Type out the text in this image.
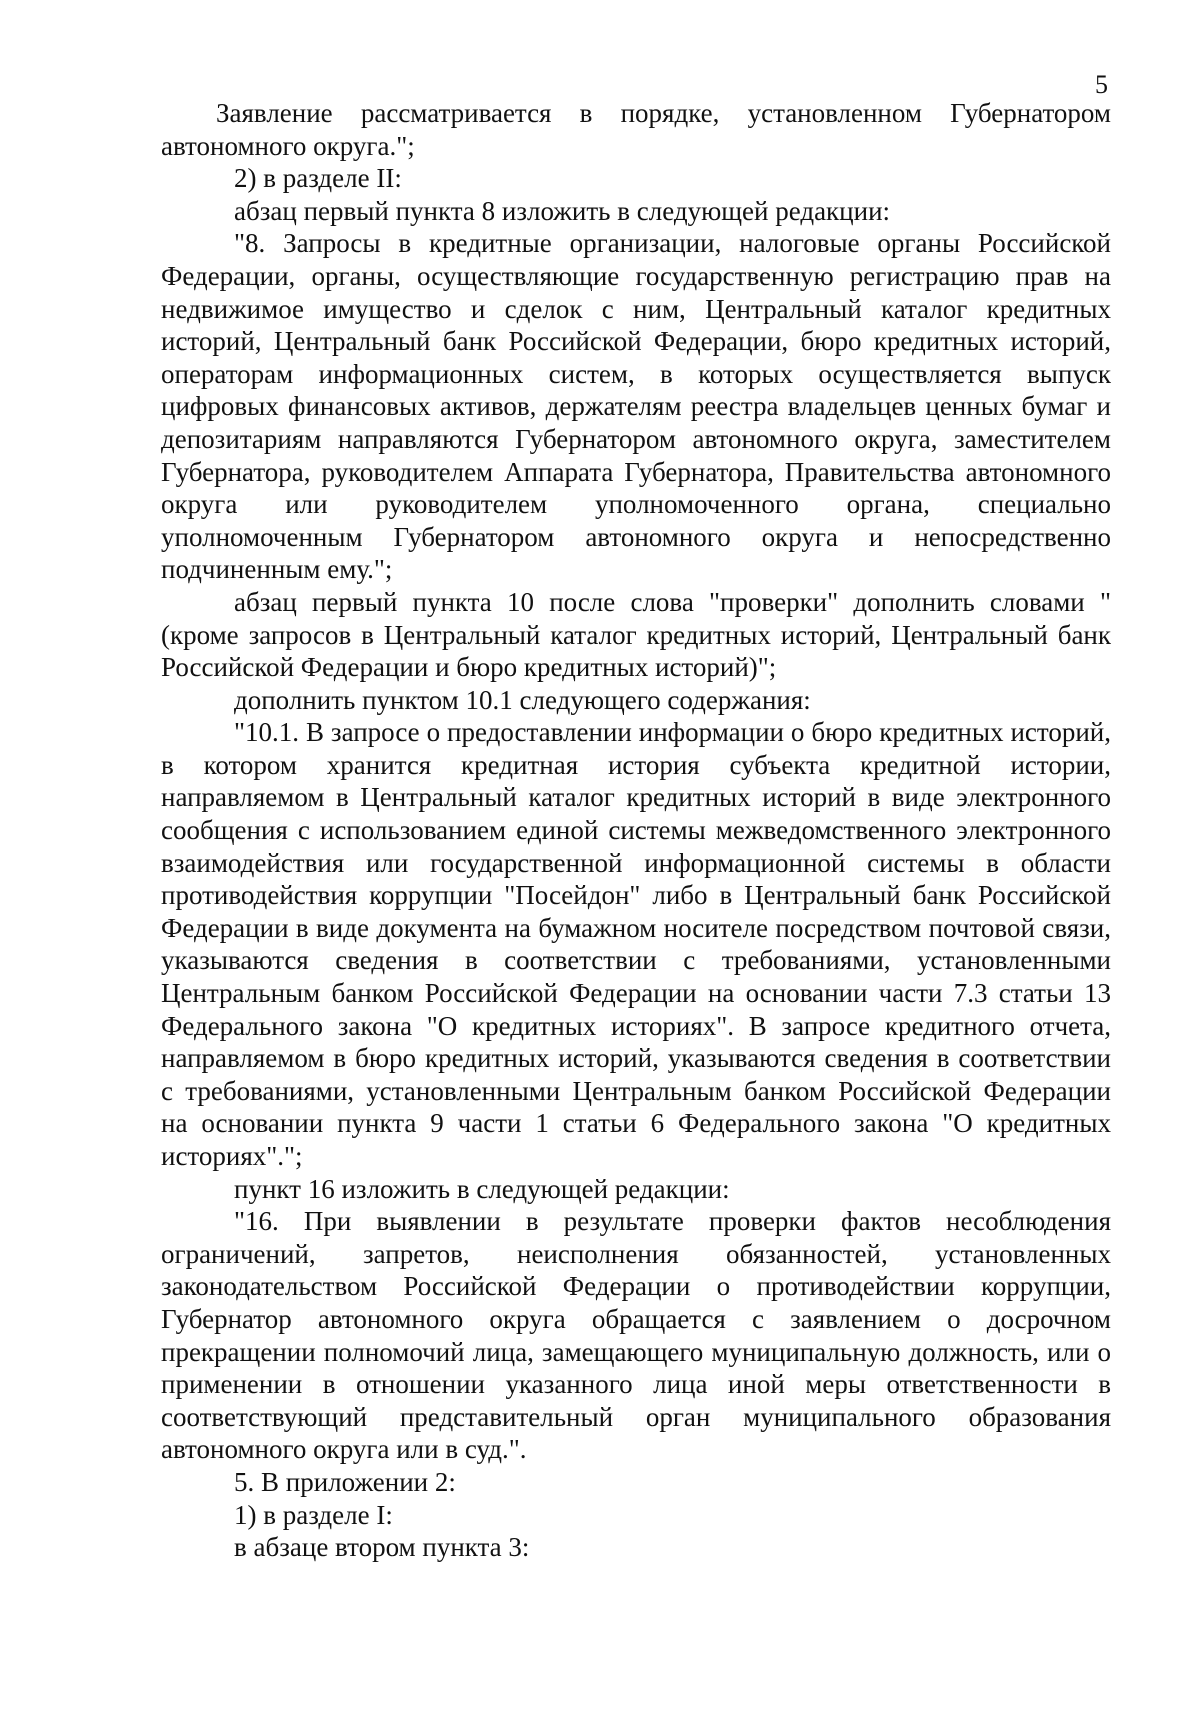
5

Заявление рассматривается в порядке, установленном Губернатором автономного округа.";

2) в разделе II:

абзац первый пункта 8 изложить в следующей редакции:

"8. Запросы в кредитные организации, налоговые органы Российской Федерации, органы, осуществляющие государственную регистрацию прав на недвижимое имущество и сделок с ним, Центральный каталог кредитных историй, Центральный банк Российской Федерации, бюро кредитных историй, операторам информационных систем, в которых осуществляется выпуск цифровых финансовых активов, держателям реестра владельцев ценных бумаг и депозитариям направляются Губернатором автономного округа, заместителем Губернатора, руководителем Аппарата Губернатора, Правительства автономного округа или руководителем уполномоченного органа, специально уполномоченным Губернатором автономного округа и непосредственно подчиненным ему.";

абзац первый пункта 10 после слова "проверки" дополнить словами "(кроме запросов в Центральный каталог кредитных историй, Центральный банк Российской Федерации и бюро кредитных историй)";

дополнить пунктом 10.1 следующего содержания:

"10.1. В запросе о предоставлении информации о бюро кредитных историй, в котором хранится кредитная история субъекта кредитной истории, направляемом в Центральный каталог кредитных историй в виде электронного сообщения с использованием единой системы межведомственного электронного взаимодействия или государственной информационной системы в области противодействия коррупции "Посейдон" либо в Центральный банк Российской Федерации в виде документа на бумажном носителе посредством почтовой связи, указываются сведения в соответствии с требованиями, установленными Центральным банком Российской Федерации на основании части 7.3 статьи 13 Федерального закона "О кредитных историях". В запросе кредитного отчета, направляемом в бюро кредитных историй, указываются сведения в соответствии с требованиями, установленными Центральным банком Российской Федерации на основании пункта 9 части 1 статьи 6 Федерального закона "О кредитных историях".";

пункт 16 изложить в следующей редакции:

"16. При выявлении в результате проверки фактов несоблюдения ограничений, запретов, неисполнения обязанностей, установленных законодательством Российской Федерации о противодействии коррупции, Губернатор автономного округа обращается с заявлением о досрочном прекращении полномочий лица, замещающего муниципальную должность, или о применении в отношении указанного лица иной меры ответственности в соответствующий представительный орган муниципального образования автономного округа или в суд.".

5. В приложении 2:

1) в разделе I:

в абзаце втором пункта 3:
